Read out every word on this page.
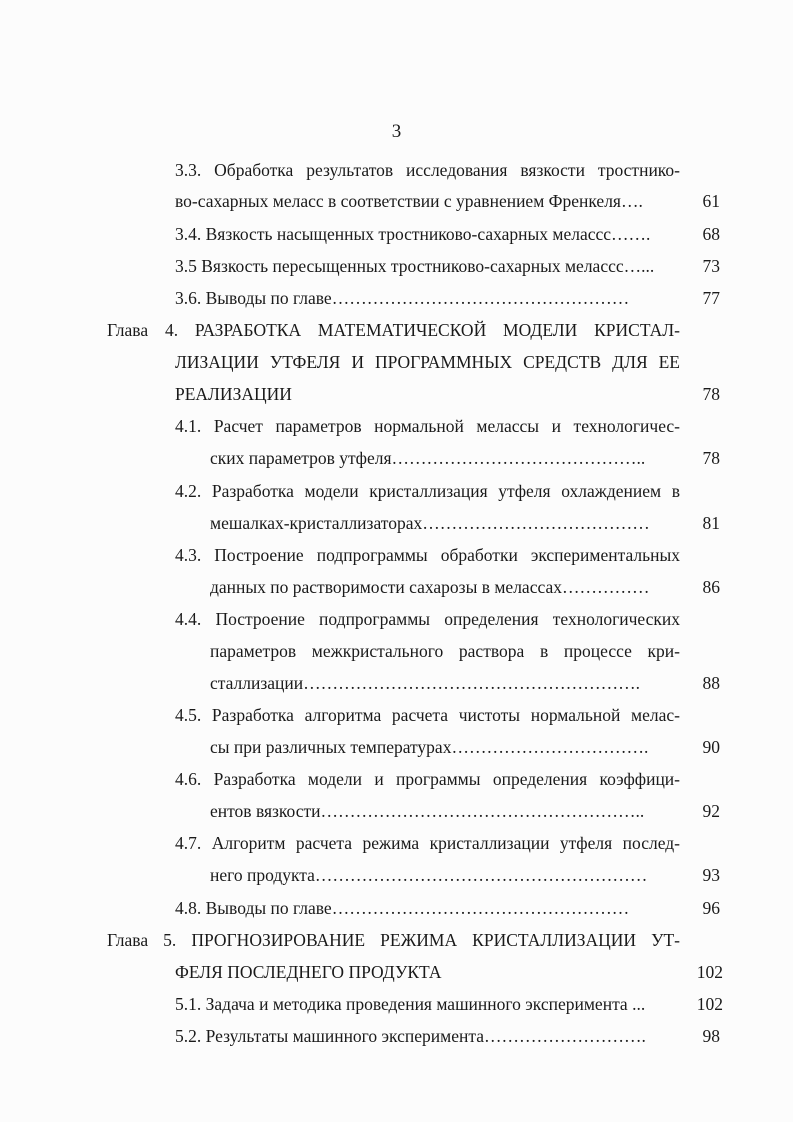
3
3.3. Обработка результатов исследования вязкости тростнико-
во-сахарных меласс в соответствии с уравнением Френкеля….	61
3.4. Вязкость насыщенных тростниково-сахарных мелассс…….	68
3.5 Вязкость пересыщенных тростниково-сахарных мелассс…...	73
3.6. Выводы по главе……………………………………………	77
Глава 4. РАЗРАБОТКА МАТЕМАТИЧЕСКОЙ МОДЕЛИ КРИСТАЛ-
ЛИЗАЦИИ УТФЕЛЯ И ПРОГРАММНЫХ СРЕДСТВ ДЛЯ ЕЕ
РЕАЛИЗАЦИИ	78
4.1. Расчет параметров нормальной мелассы и технологичес-
ских параметров утфеля……………………………………..	78
4.2. Разработка модели кристаллизация утфеля охлаждением в
мешалках-кристаллизаторах…………………………………	81
4.3. Построение подпрограммы обработки экспериментальных
данных по растворимости сахарозы в мелассах……………	86
4.4. Построение подпрограммы определения технологических
параметров межкристального раствора в процессе кри-
сталлизации………………………………………………….	88
4.5. Разработка алгоритма расчета чистоты нормальной мелас-
сы при различных температурах…………………………….	90
4.6. Разработка модели и программы определения коэффици-
ентов вязкости………………………………………………..	92
4.7. Алгоритм расчета режима кристаллизации утфеля послед-
него продукта…………………………………………………	93
4.8. Выводы по главе……………………………………………	96
Глава 5. ПРОГНОЗИРОВАНИЕ РЕЖИМА КРИСТАЛЛИЗАЦИИ УТ-
ФЕЛЯ ПОСЛЕДНЕГО ПРОДУКТА	102
5.1. Задача и методика проведения машинного эксперимента ...	102
5.2. Результаты машинного эксперимента……………………….	98
